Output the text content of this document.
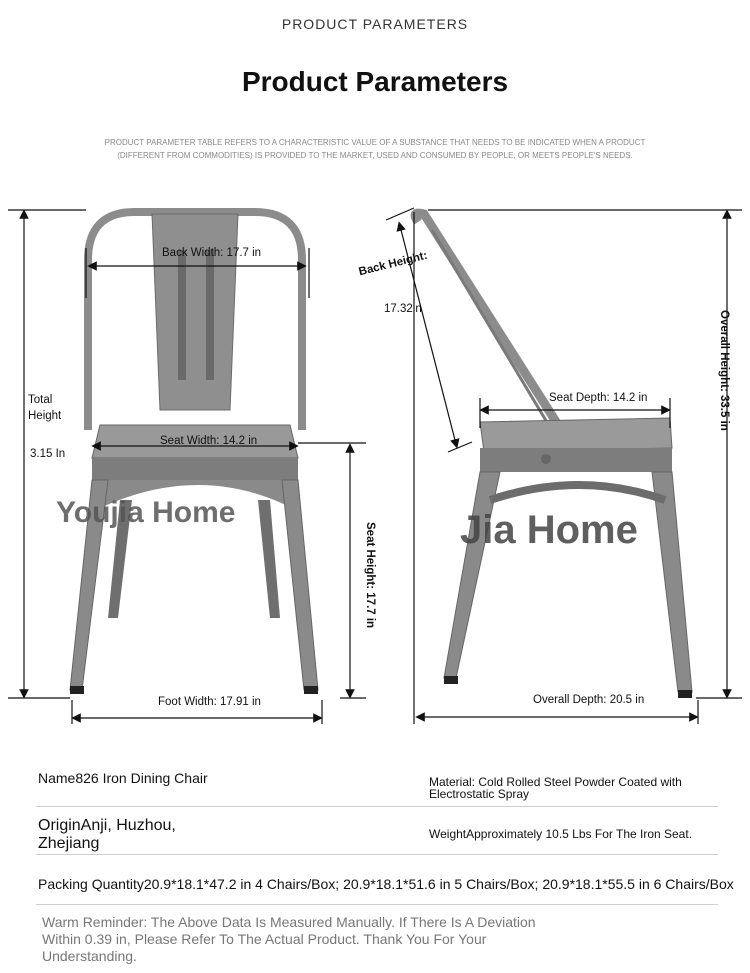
PRODUCT PARAMETERS
Product Parameters
PRODUCT PARAMETER TABLE REFERS TO A CHARACTERISTIC VALUE OF A SUBSTANCE THAT NEEDS TO BE INDICATED WHEN A PRODUCT (DIFFERENT FROM COMMODITIES) IS PROVIDED TO THE MARKET, USED AND CONSUMED BY PEOPLE, OR MEETS PEOPLE'S NEEDS.
Back Width: 17.7 in
Seat Width: 14.2 in
Total
Height
3.15 In
Seat Height: 17.7 in
Foot Width: 17.91 in
Youjia Home
Back Height:
17.32in
Seat Depth: 14.2 in	Overall Height: 33.5 in
Overall Depth: 20.5 in
Jia Home
Name826 Iron Dining Chair	Material: Cold Rolled Steel Powder Coated with Electrostatic Spray
OriginAnji, Huzhou, Zhejiang
WeightApproximately 10.5 Lbs For The Iron Seat.
Packing Quantity20.9*18.1*47.2 in 4 Chairs/Box; 20.9*18.1*51.6 in 5 Chairs/Box; 20.9*18.1*55.5 in 6 Chairs/Box
Warm Reminder: The Above Data Is Measured Manually. If There Is A Deviation Within 0.39 in, Please Refer To The Actual Product. Thank You For Your Understanding.
